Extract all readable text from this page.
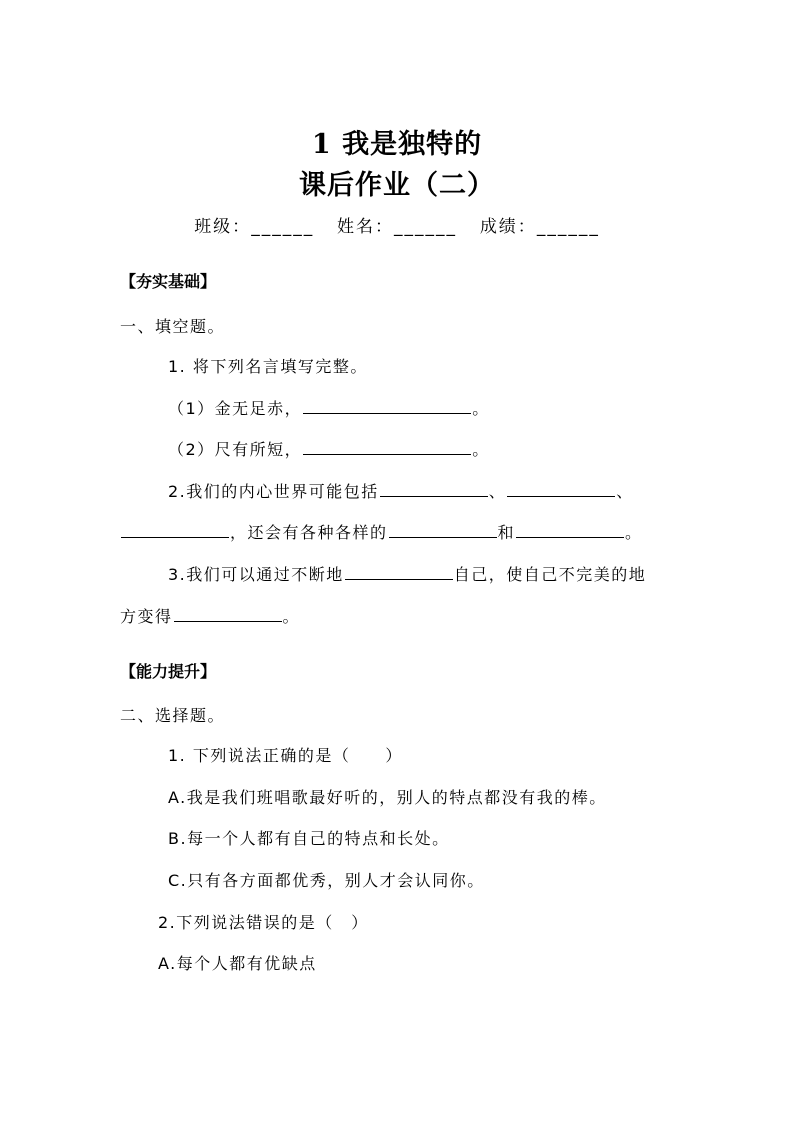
1 我是独特的
课后作业（二）
班级：______ 姓名：______ 成绩：______
【夯实基础】
一、填空题。
1. 将下列名言填写完整。
（1）金无足赤，	。
（2）尺有所短，	。
2.我们的内心世界可能包括	、	、
，还会有各种各样的	和	。
3.我们可以通过不断地	自己，使自己不完美的地
方变得	。
【能力提升】
二、选择题。
1. 下列说法正确的是（　　）
A.我是我们班唱歌最好听的，别人的特点都没有我的棒。
B.每一个人都有自己的特点和长处。
C.只有各方面都优秀，别人才会认同你。
2.下列说法错误的是（　）
A.每个人都有优缺点
